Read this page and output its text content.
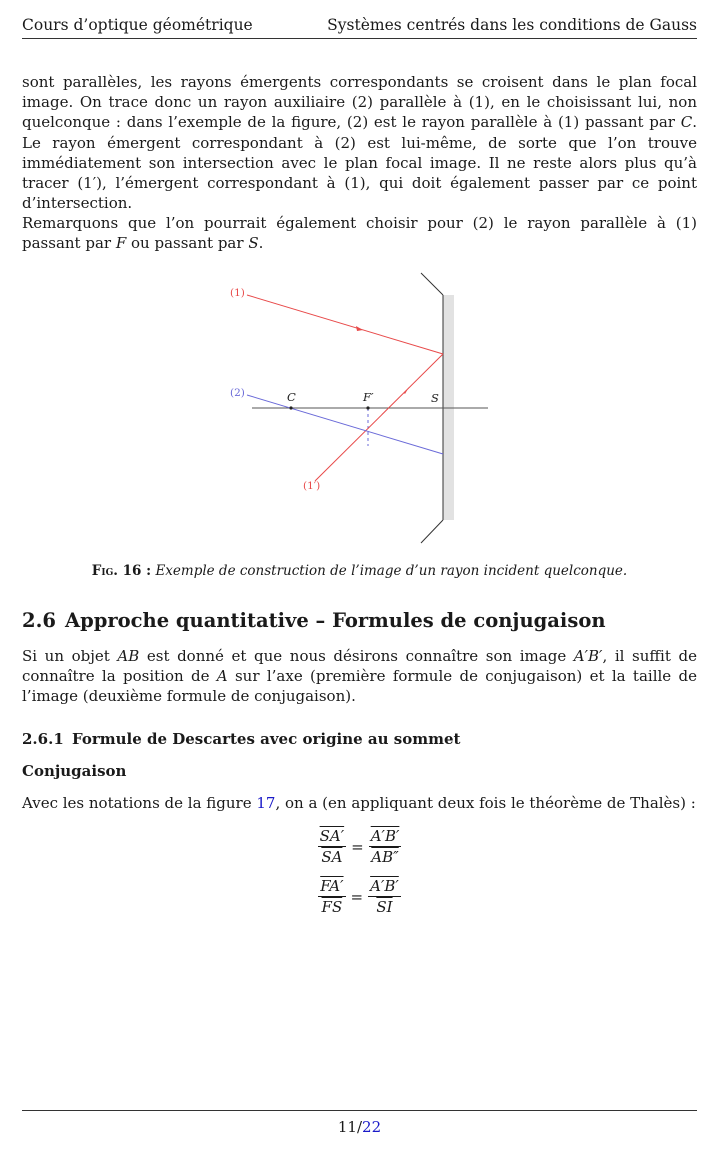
Cours d’optique géométrique	Systèmes centrés dans les conditions de Gauss

sont parallèles, les rayons émergents correspondants se croisent dans le plan focal image. On trace donc un rayon auxiliaire (2) parallèle à (1), en le choisissant lui, non quelconque : dans l’exemple de la figure, (2) est le rayon parallèle à (1) passant par C. Le rayon émergent correspondant à (2) est lui-même, de sorte que l’on trouve immédiatement son intersection avec le plan focal image. Il ne reste alors plus qu’à tracer (1′), l’émergent correspondant à (1), qui doit également passer par ce point d’intersection.

Remarquons que l’on pourrait également choisir pour (2) le rayon parallèle à (1) passant par F ou passant par S.

(1)
(2)
(1′)
C	F′	S
Fig. 16 : Exemple de construction de l’image d’un rayon incident quelconque.
2.6 Approche quantitative – Formules de conjugaison

Si un objet AB est donné et que nous désirons connaître son image A′B′, il suffit de connaître la position de A sur l’axe (première formule de conjugaison) et la taille de l’image (deuxième formule de conjugaison).

2.6.1 Formule de Descartes avec origine au sommet
Conjugaison

Avec les notations de la figure 17, on a (en appliquant deux fois le théorème de Thalès) :

$\frac{SA'}{SA} = \frac{A'B'}{AB''}$
$\frac{FA'}{FS} = \frac{A'B'}{SI}$
11/22
